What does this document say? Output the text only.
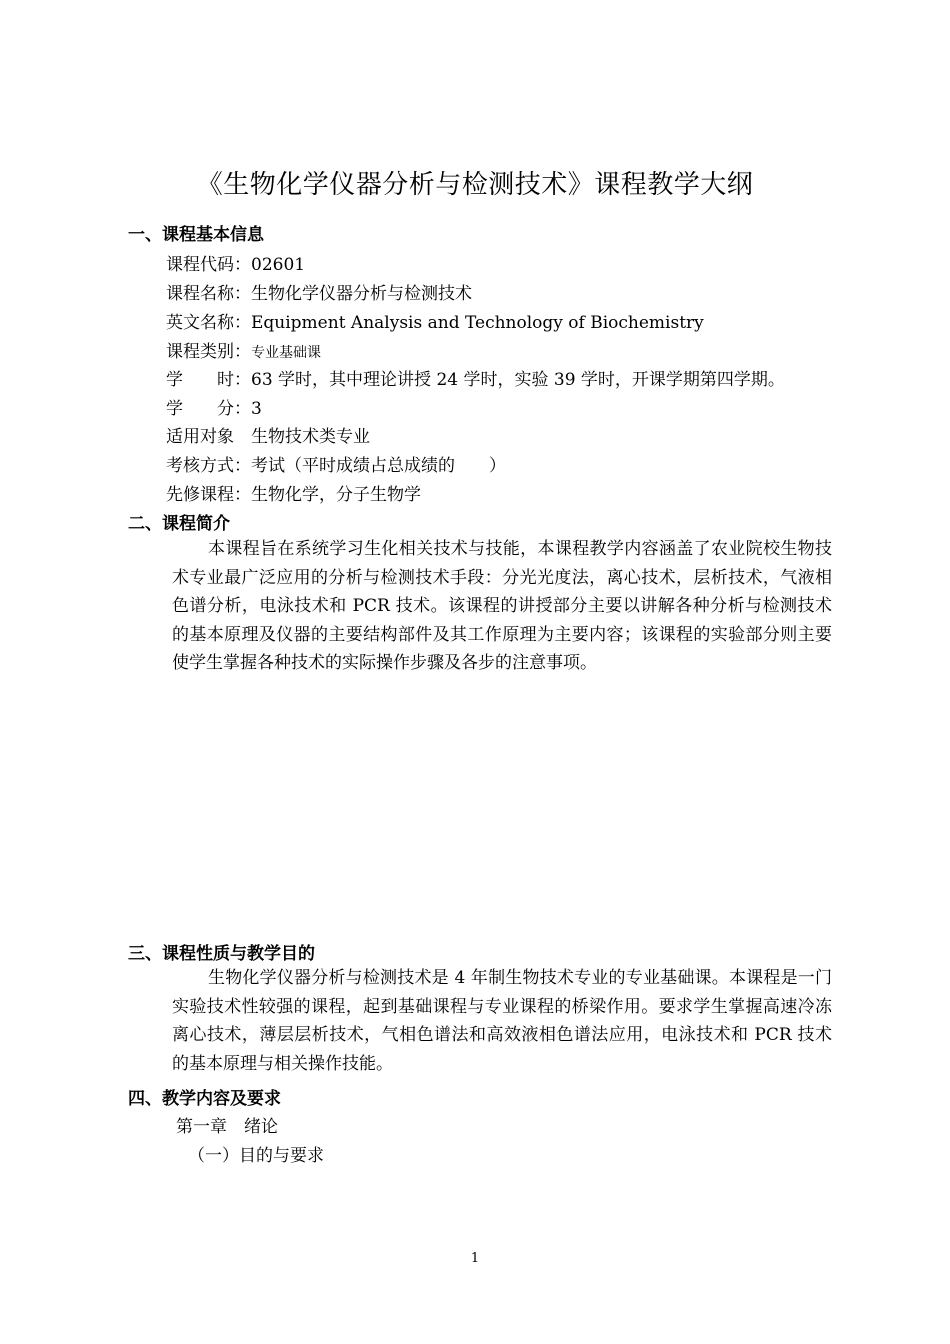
《生物化学仪器分析与检测技术》课程教学大纲
一、课程基本信息
课程代码：02601
课程名称：生物化学仪器分析与检测技术
英文名称：Equipment Analysis and Technology of Biochemistry
课程类别：专业基础课
学　　时：63 学时，其中理论讲授 24 学时，实验 39 学时，开课学期第四学期。
学　　分：3
适用对象　生物技术类专业
考核方式：考试（平时成绩占总成绩的　　）
先修课程：生物化学，分子生物学
二、课程简介
本课程旨在系统学习生化相关技术与技能，本课程教学内容涵盖了农业院校生物技术专业最广泛应用的分析与检测技术手段：分光光度法，离心技术，层析技术，气液相色谱分析，电泳技术和 PCR 技术。该课程的讲授部分主要以讲解各种分析与检测技术的基本原理及仪器的主要结构部件及其工作原理为主要内容；该课程的实验部分则主要使学生掌握各种技术的实际操作步骤及各步的注意事项。
三、课程性质与教学目的
生物化学仪器分析与检测技术是 4 年制生物技术专业的专业基础课。本课程是一门实验技术性较强的课程，起到基础课程与专业课程的桥梁作用。要求学生掌握高速冷冻离心技术，薄层层析技术，气相色谱法和高效液相色谱法应用，电泳技术和 PCR 技术的基本原理与相关操作技能。
四、教学内容及要求
第一章　绪论
（一）目的与要求
1
